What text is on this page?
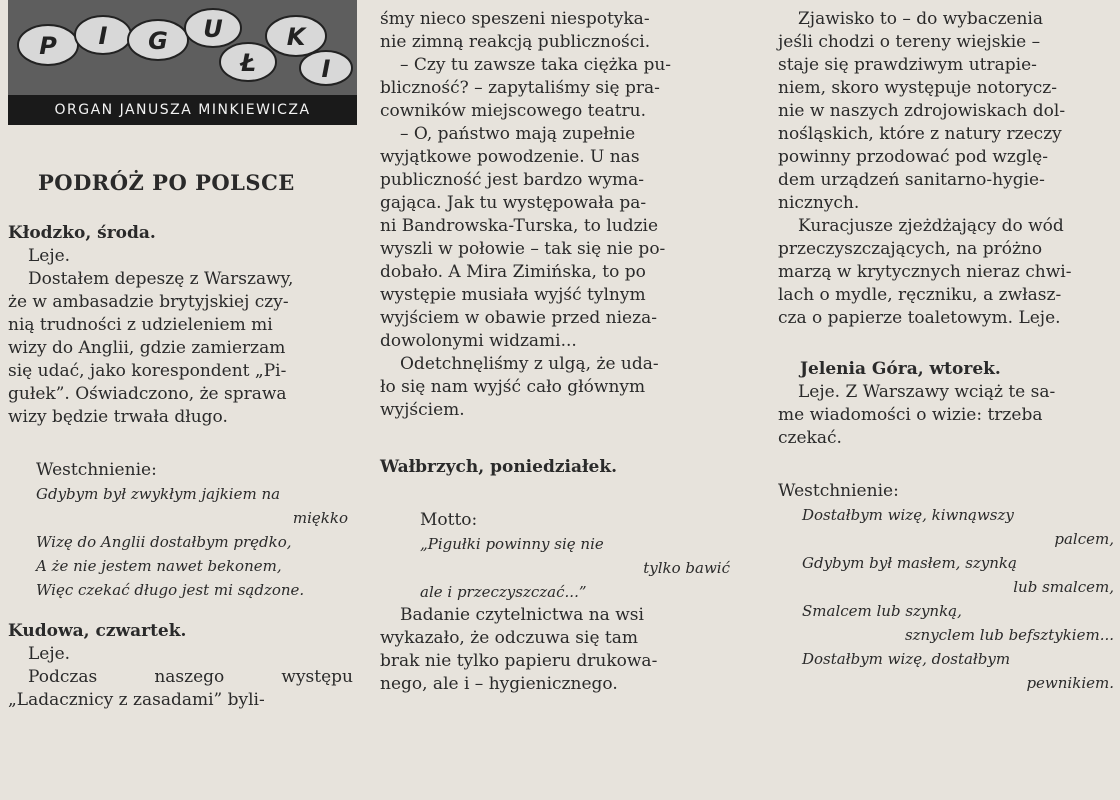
P I G U
Ł
K
I
ORGAN JANUSZA MINKIEWICZA
PODRÓŻ PO POLSCE

Kłodzko, środa.

Leje.

Dostałem depeszę z Warszawy,

że w ambasadzie brytyjskiej czy-

nią trudności z udzieleniem mi

wizy do Anglii, gdzie zamierzam

się udać, jako korespondent „Pi-

gułek”. Oświadczono, że sprawa

wizy będzie trwała długo.

Westchnienie:

Gdybym był zwykłym jajkiem na
miękko
Wizę do Anglii dostałbym prędko,
A że nie jestem nawet bekonem,
Więc czekać długo jest mi sądzone.

Kudowa, czwartek.

Leje.

Podczas naszego występu

„Ladacznicy z zasadami” byli-

śmy nieco speszeni niespotyka-

nie zimną reakcją publiczności.

– Czy tu zawsze taka ciężka pu-

bliczność? – zapytaliśmy się pra-

cowników miejscowego teatru.

– O, państwo mają zupełnie

wyjątkowe powodzenie. U nas

publiczność jest bardzo wyma-

gająca. Jak tu występowała pa-

ni Bandrowska-Turska, to ludzie

wyszli w połowie – tak się nie po-

dobało. A Mira Zimińska, to po

występie musiała wyjść tylnym

wyjściem w obawie przed nieza-

dowolonymi widzami...

Odetchnęliśmy z ulgą, że uda-

ło się nam wyjść cało głównym

wyjściem.

Wałbrzych, poniedziałek.

Motto:

„Pigułki powinny się nie
tylko bawić
ale i przeczyszczać...”

Badanie czytelnictwa na wsi

wykazało, że odczuwa się tam

brak nie tylko papieru drukowa-

nego, ale i – hygienicznego.

Zjawisko to – do wybaczenia

jeśli chodzi o tereny wiejskie –

staje się prawdziwym utrapie-

niem, skoro występuje notorycz-

nie w naszych zdrojowiskach dol-

nośląskich, które z natury rzeczy

powinny przodować pod wzglę-

dem urządzeń sanitarno-hygie-

nicznych.

Kuracjusze zjeżdżający do wód

przeczyszczających, na próżno

marzą w krytycznych nieraz chwi-

lach o mydle, ręczniku, a zwłasz-

cza o papierze toaletowym. Leje.

Jelenia Góra, wtorek.

Leje. Z Warszawy wciąż te sa-

me wiadomości o wizie: trzeba

czekać.

Westchnienie:

Dostałbym wizę, kiwnąwszy
palcem,
Gdybym był masłem, szynką
lub smalcem,
Smalcem lub szynką,
sznyclem lub befsztykiem...
Dostałbym wizę, dostałbym
pewnikiem.
